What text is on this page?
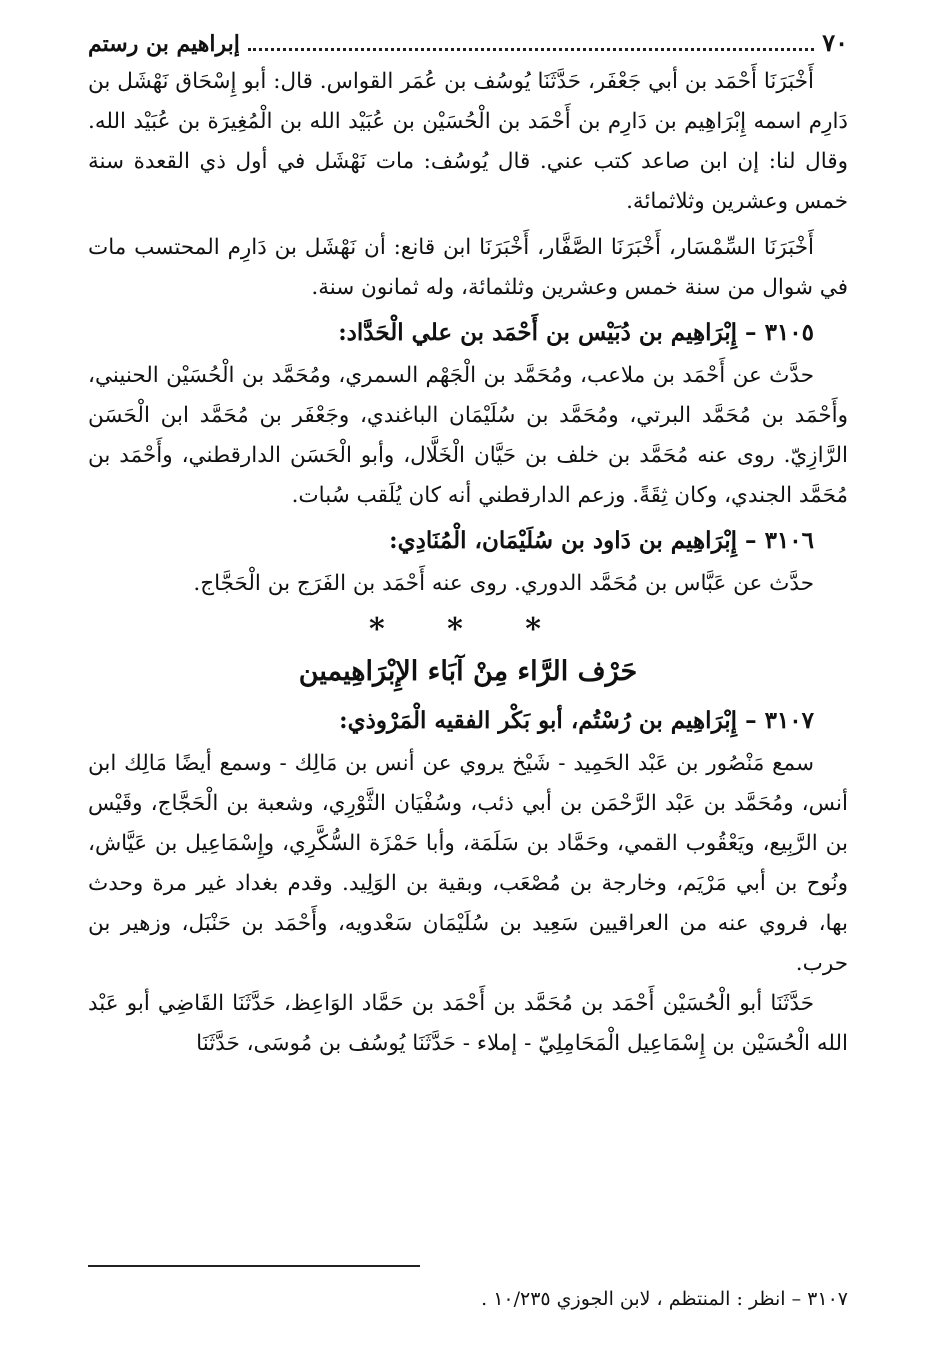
٧٠
إبراهيم بن رستم
أَخْبَرَنَا أَحْمَد بن أبي جَعْفَر، حَدَّثَنَا يُوسُف بن عُمَر القواس. قال: أبو إِسْحَاق نَهْشَل بن دَارِم اسمه إِبْرَاهِيم بن دَارِم بن أَحْمَد بن الْحُسَيْن بن عُبَيْد الله بن الْمُغِيرَة بن عُبَيْد الله. وقال لنا: إن ابن صاعد كتب عني. قال يُوسُف: مات نَهْشَل في أول ذي القعدة سنة خمس وعشرين وثلاثمائة.
أَخْبَرَنَا السِّمْسَار، أَخْبَرَنَا الصَّفَّار، أَخْبَرَنَا ابن قانع: أن نَهْشَل بن دَارِم المحتسب مات في شوال من سنة خمس وعشرين وثلثمائة، وله ثمانون سنة.
٣١٠٥ – إِبْرَاهِيم بن دُبَيْس بن أَحْمَد بن علي الْحَدَّاد:
حدَّث عن أَحْمَد بن ملاعب، ومُحَمَّد بن الْجَهْم السمري، ومُحَمَّد بن الْحُسَيْن الحنيني، وأَحْمَد بن مُحَمَّد البرتي، ومُحَمَّد بن سُلَيْمَان الباغندي، وجَعْفَر بن مُحَمَّد ابن الْحَسَن الرَّازِيّ. روى عنه مُحَمَّد بن خلف بن حَيَّان الْخَلَّال، وأبو الْحَسَن الدارقطني، وأَحْمَد بن مُحَمَّد الجندي، وكان ثِقَةً. وزعم الدارقطني أنه كان يُلَقب سُبات.
٣١٠٦ – إِبْرَاهِيم بن دَاود بن سُلَيْمَان، الْمُنَادِي:
حدَّث عن عَبَّاس بن مُحَمَّد الدوري. روى عنه أَحْمَد بن الفَرَج بن الْحَجَّاج.
* * *
حَرْف الرَّاء مِنْ آبَاء الإِبْرَاهِيمين
٣١٠٧ – إِبْرَاهِيم بن رُسْتُم، أبو بَكْر الفقيه الْمَرْوذي:
سمع مَنْصُور بن عَبْد الحَمِيد - شَيْخ يروي عن أنس بن مَالِك - وسمع أيضًا مَالِك ابن أنس، ومُحَمَّد بن عَبْد الرَّحْمَن بن أبي ذئب، وسُفْيَان الثَّوْرِي، وشعبة بن الْحَجَّاج، وقَيْس بن الرَّبِيع، ويَعْقُوب القمي، وحَمَّاد بن سَلَمَة، وأبا حَمْزَة السُّكَّرِي، وإِسْمَاعِيل بن عَيَّاش، ونُوح بن أبي مَرْيَم، وخارجة بن مُصْعَب، وبقية بن الوَلِيد. وقدم بغداد غير مرة وحدث بها، فروي عنه من العراقيين سَعِيد بن سُلَيْمَان سَعْدويه، وأَحْمَد بن حَنْبَل، وزهير بن حرب.
حَدَّثَنَا أبو الْحُسَيْن أَحْمَد بن مُحَمَّد بن أَحْمَد بن حَمَّاد الوَاعِظ، حَدَّثَنَا القَاضِي أبو عَبْد الله الْحُسَيْن بن إِسْمَاعِيل الْمَحَامِلِيّ - إملاء - حَدَّثَنَا يُوسُف بن مُوسَى، حَدَّثَنَا
٣١٠٧ – انظر : المنتظم ، لابن الجوزي ١٠/٢٣٥ .
